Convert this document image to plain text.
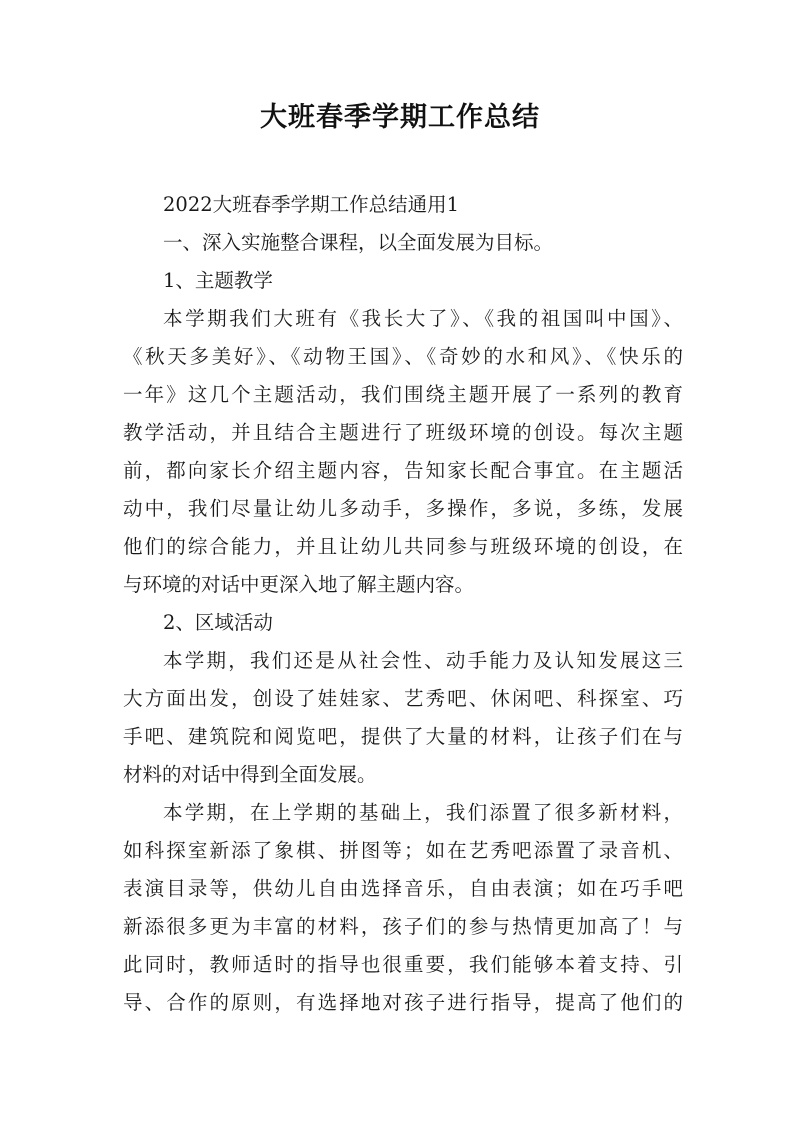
大班春季学期工作总结
2022大班春季学期工作总结通用1
一、深入实施整合课程，以全面发展为目标。
1、主题教学
本学期我们大班有《我长大了》、《我的祖国叫中国》、
《秋天多美好》、《动物王国》、《奇妙的水和风》、《快乐的
一年》这几个主题活动，我们围绕主题开展了一系列的教育
教学活动，并且结合主题进行了班级环境的创设。每次主题
前，都向家长介绍主题内容，告知家长配合事宜。在主题活
动中，我们尽量让幼儿多动手，多操作，多说，多练，发展
他们的综合能力，并且让幼儿共同参与班级环境的创设，在
与环境的对话中更深入地了解主题内容。
2、区域活动
本学期，我们还是从社会性、动手能力及认知发展这三
大方面出发，创设了娃娃家、艺秀吧、休闲吧、科探室、巧
手吧、建筑院和阅览吧，提供了大量的材料，让孩子们在与
材料的对话中得到全面发展。
本学期，在上学期的基础上，我们添置了很多新材料，
如科探室新添了象棋、拼图等；如在艺秀吧添置了录音机、
表演目录等，供幼儿自由选择音乐，自由表演；如在巧手吧
新添很多更为丰富的材料，孩子们的参与热情更加高了！与
此同时，教师适时的指导也很重要，我们能够本着支持、引
导、合作的原则，有选择地对孩子进行指导，提高了他们的
